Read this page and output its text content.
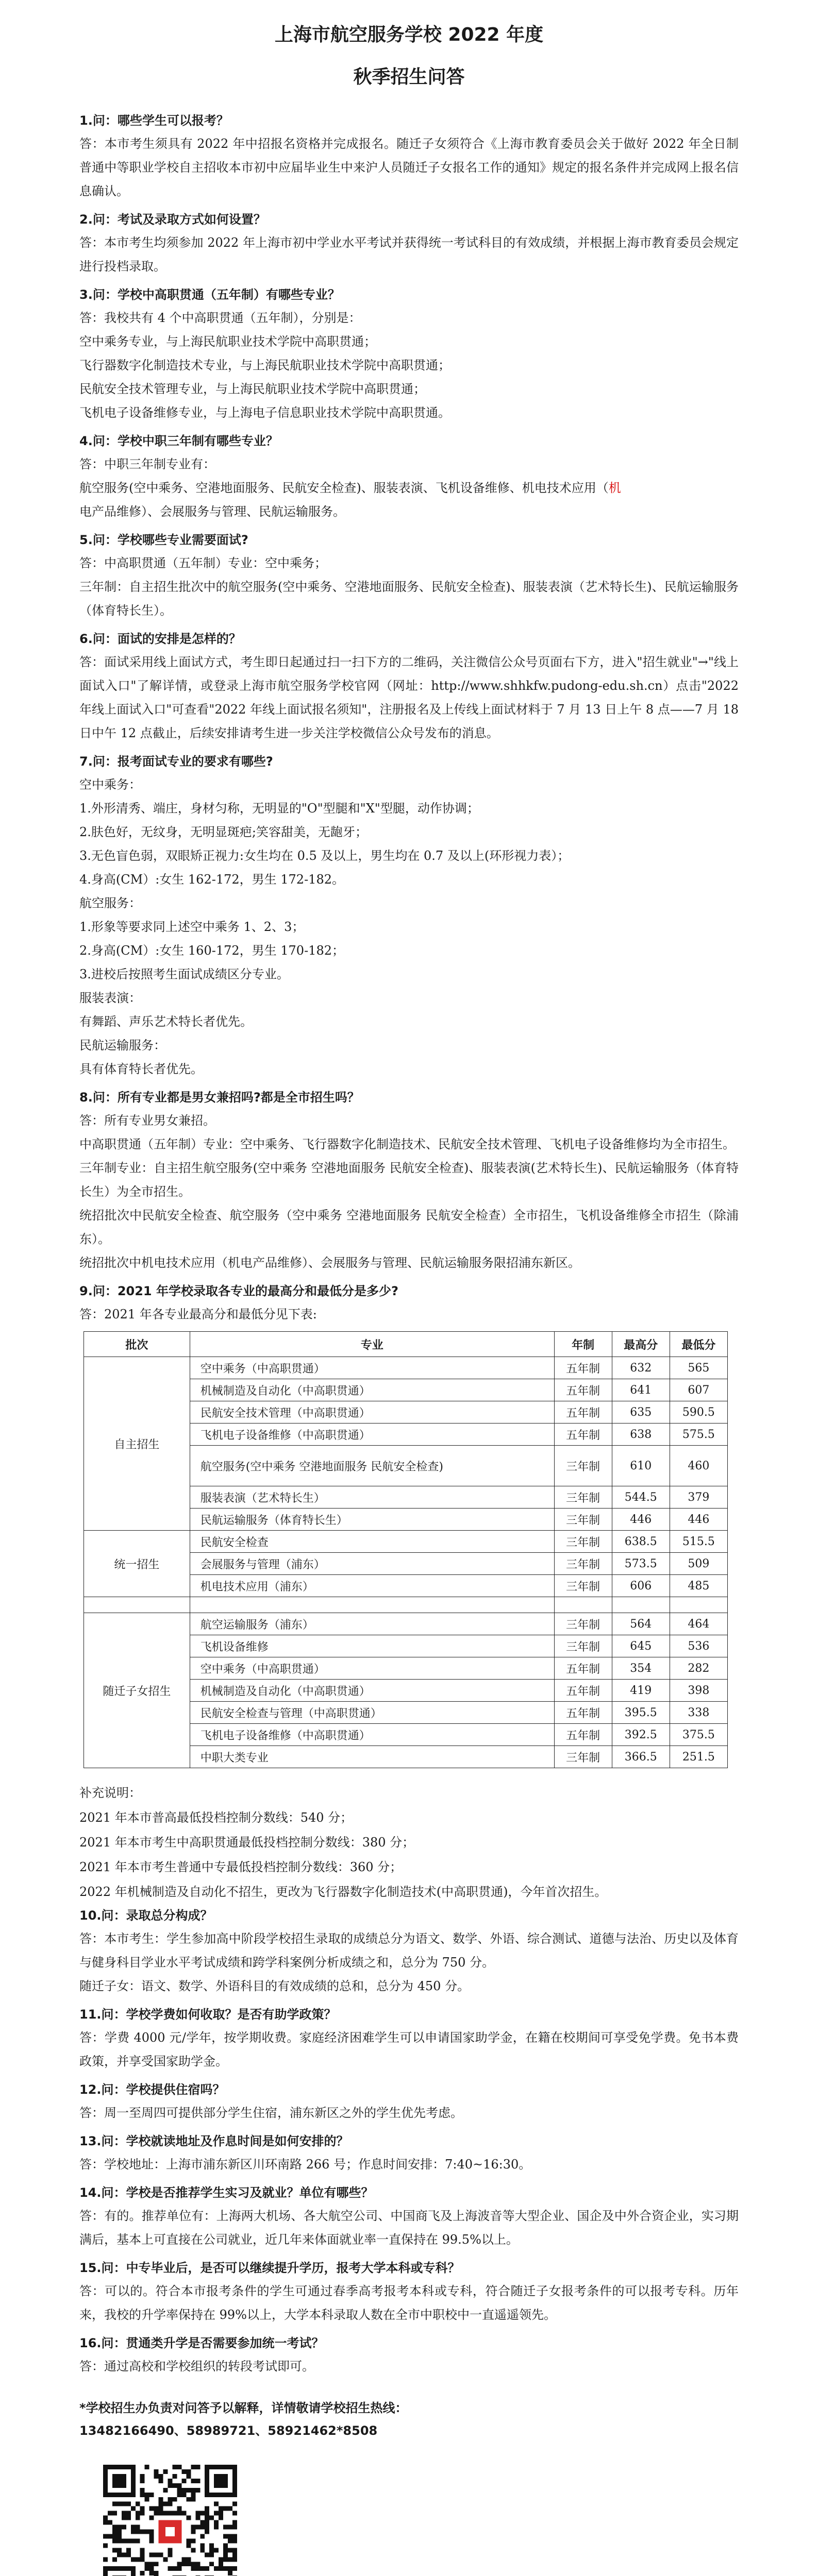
上海市航空服务学校 2022 年度
秋季招生问答

1.问：哪些学生可以报考？

答：本市考生须具有 2022 年中招报名资格并完成报名。随迁子女须符合《上海市教育委员会关于做好 2022 年全日制普通中等职业学校自主招收本市初中应届毕业生中来沪人员随迁子女报名工作的通知》规定的报名条件并完成网上报名信息确认。

2.问：考试及录取方式如何设置？

答：本市考生均须参加 2022 年上海市初中学业水平考试并获得统一考试科目的有效成绩，并根据上海市教育委员会规定进行投档录取。

3.问：学校中高职贯通（五年制）有哪些专业？

答：我校共有 4 个中高职贯通（五年制），分别是：

空中乘务专业，与上海民航职业技术学院中高职贯通；

飞行器数字化制造技术专业，与上海民航职业技术学院中高职贯通；

民航安全技术管理专业，与上海民航职业技术学院中高职贯通；

飞机电子设备维修专业，与上海电子信息职业技术学院中高职贯通。

4.问：学校中职三年制有哪些专业？

答：中职三年制专业有：

航空服务(空中乘务、空港地面服务、民航安全检查)、服装表演、飞机设备维修、机电技术应用（机

电产品维修）、会展服务与管理、民航运输服务。

5.问：学校哪些专业需要面试?

答：中高职贯通（五年制）专业：空中乘务；

三年制：自主招生批次中的航空服务(空中乘务、空港地面服务、民航安全检查)、服装表演（艺术特长生)、民航运输服务（体育特长生）。

6.问：面试的安排是怎样的？

答：面试采用线上面试方式，考生即日起通过扫一扫下方的二维码，关注微信公众号页面右下方，进入"招生就业"→"线上面试入口"了解详情，或登录上海市航空服务学校官网（网址：http://www.shhkfw.pudong-edu.sh.cn）点击"2022 年线上面试入口"可查看"2022 年线上面试报名须知"，注册报名及上传线上面试材料于 7 月 13 日上午 8 点——7 月 18 日中午 12 点截止，后续安排请考生进一步关注学校微信公众号发布的消息。

7.问：报考面试专业的要求有哪些?

空中乘务：

1.外形清秀、端庄，身材匀称，无明显的"O"型腿和"X"型腿，动作协调；

2.肤色好，无纹身，无明显斑疤;笑容甜美，无龅牙；

3.无色盲色弱，双眼矫正视力:女生均在 0.5 及以上，男生均在 0.7 及以上(环形视力表）；

4.身高(CM）:女生 162-172，男生 172-182。

航空服务：

1.形象等要求同上述空中乘务 1、2、3；

2.身高(CM）:女生 160-172，男生 170-182；

3.进校后按照考生面试成绩区分专业。

服装表演：

有舞蹈、声乐艺术特长者优先。

民航运输服务：

具有体育特长者优先。

8.问：所有专业都是男女兼招吗?都是全市招生吗？

答：所有专业男女兼招。

中高职贯通（五年制）专业：空中乘务、飞行器数字化制造技术、民航安全技术管理、飞机电子设备维修均为全市招生。

三年制专业：自主招生航空服务(空中乘务 空港地面服务 民航安全检查)、服装表演(艺术特长生)、民航运输服务（体育特长生）为全市招生。

统招批次中民航安全检查、航空服务（空中乘务 空港地面服务 民航安全检查）全市招生，飞机设备维修全市招生（除浦东）。

统招批次中机电技术应用（机电产品维修）、会展服务与管理、民航运输服务限招浦东新区。

9.问：2021 年学校录取各专业的最高分和最低分是多少?

答：2021 年各专业最高分和最低分见下表:

批次	专业	年制	最高分	最低分
自主招生	空中乘务（中高职贯通）	五年制	632	565
	机械制造及自动化（中高职贯通）	五年制	641	607
	民航安全技术管理（中高职贯通）	五年制	635	590.5
	飞机电子设备维修（中高职贯通）	五年制	638	575.5
	航空服务(空中乘务 空港地面服务 民航安全检查)	三年制	610	460
	服装表演（艺术特长生）	三年制	544.5	379
	民航运输服务（体育特长生）	三年制	446	446
统一招生	民航安全检查	三年制	638.5	515.5
	会展服务与管理（浦东）	三年制	573.5	509
	机电技术应用（浦东）	三年制	606	485

随迁子女招生	航空运输服务（浦东）	三年制	564	464
	飞机设备维修	三年制	645	536
	空中乘务（中高职贯通）	五年制	354	282
	机械制造及自动化（中高职贯通）	五年制	419	398
	民航安全检查与管理（中高职贯通）	五年制	395.5	338
	飞机电子设备维修（中高职贯通）	五年制	392.5	375.5
	中职大类专业	三年制	366.5	251.5

补充说明：

2021 年本市普高最低投档控制分数线：540 分；

2021 年本市考生中高职贯通最低投档控制分数线：380 分；

2021 年本市考生普通中专最低投档控制分数线：360 分；

2022 年机械制造及自动化不招生，更改为飞行器数字化制造技术(中高职贯通)，今年首次招生。

10.问：录取总分构成？

答：本市考生：学生参加高中阶段学校招生录取的成绩总分为语文、数学、外语、综合测试、道德与法治、历史以及体育与健身科目学业水平考试成绩和跨学科案例分析成绩之和，总分为 750 分。

随迁子女：语文、数学、外语科目的有效成绩的总和，总分为 450 分。

11.问：学校学费如何收取？是否有助学政策？

答：学费 4000 元/学年，按学期收费。家庭经济困难学生可以申请国家助学金，在籍在校期间可享受免学费。免书本费政策，并享受国家助学金。

12.问：学校提供住宿吗？

答：周一至周四可提供部分学生住宿，浦东新区之外的学生优先考虑。

13.问：学校就读地址及作息时间是如何安排的？

答：学校地址：上海市浦东新区川环南路 266 号；作息时间安排：7:40~16:30。

14.问：学校是否推荐学生实习及就业？单位有哪些？

答：有的。推荐单位有：上海两大机场、各大航空公司、中国商飞及上海波音等大型企业、国企及中外合资企业，实习期满后，基本上可直接在公司就业，近几年来体面就业率一直保持在 99.5%以上。

15.问：中专毕业后，是否可以继续提升学历，报考大学本科或专科？

答：可以的。符合本市报考条件的学生可通过春季高考报考本科或专科，符合随迁子女报考条件的可以报考专科。历年来，我校的升学率保持在 99%以上，大学本科录取人数在全市中职校中一直遥遥领先。

16.问：贯通类升学是否需要参加统一考试？

答：通过高校和学校组织的转段考试即可。

*学校招生办负责对问答予以解释，详情敬请学校招生热线：
13482166490、58989721、58921462*8508
